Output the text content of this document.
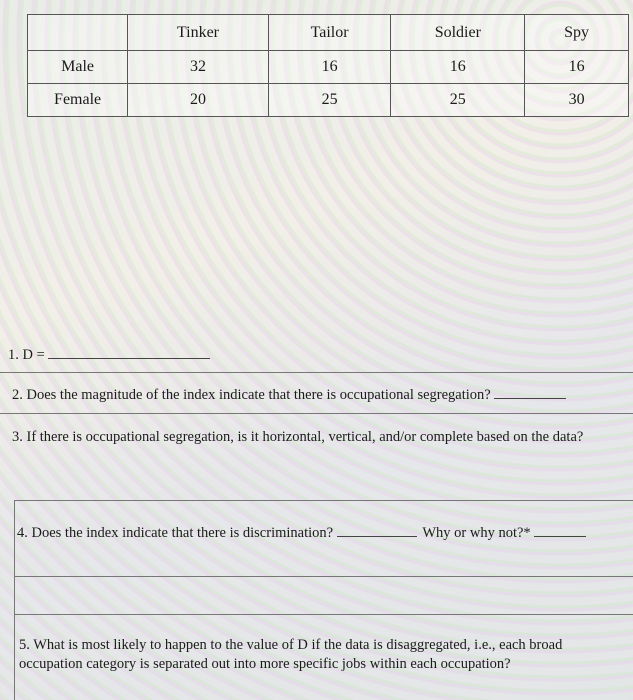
	Tinker	Tailor	Soldier	Spy
Male	32	16	16	16
Female	20	25	25	30
1. D =
2. Does the magnitude of the index indicate that there is occupational segregation?
3. If there is occupational segregation, is it horizontal, vertical, and/or complete based on the data?
4. Does the index indicate that there is discrimination?	Why or why not?*
5. What is most likely to happen to the value of D if the data is disaggregated, i.e., each broad occupation category is separated out into more specific jobs within each occupation?
